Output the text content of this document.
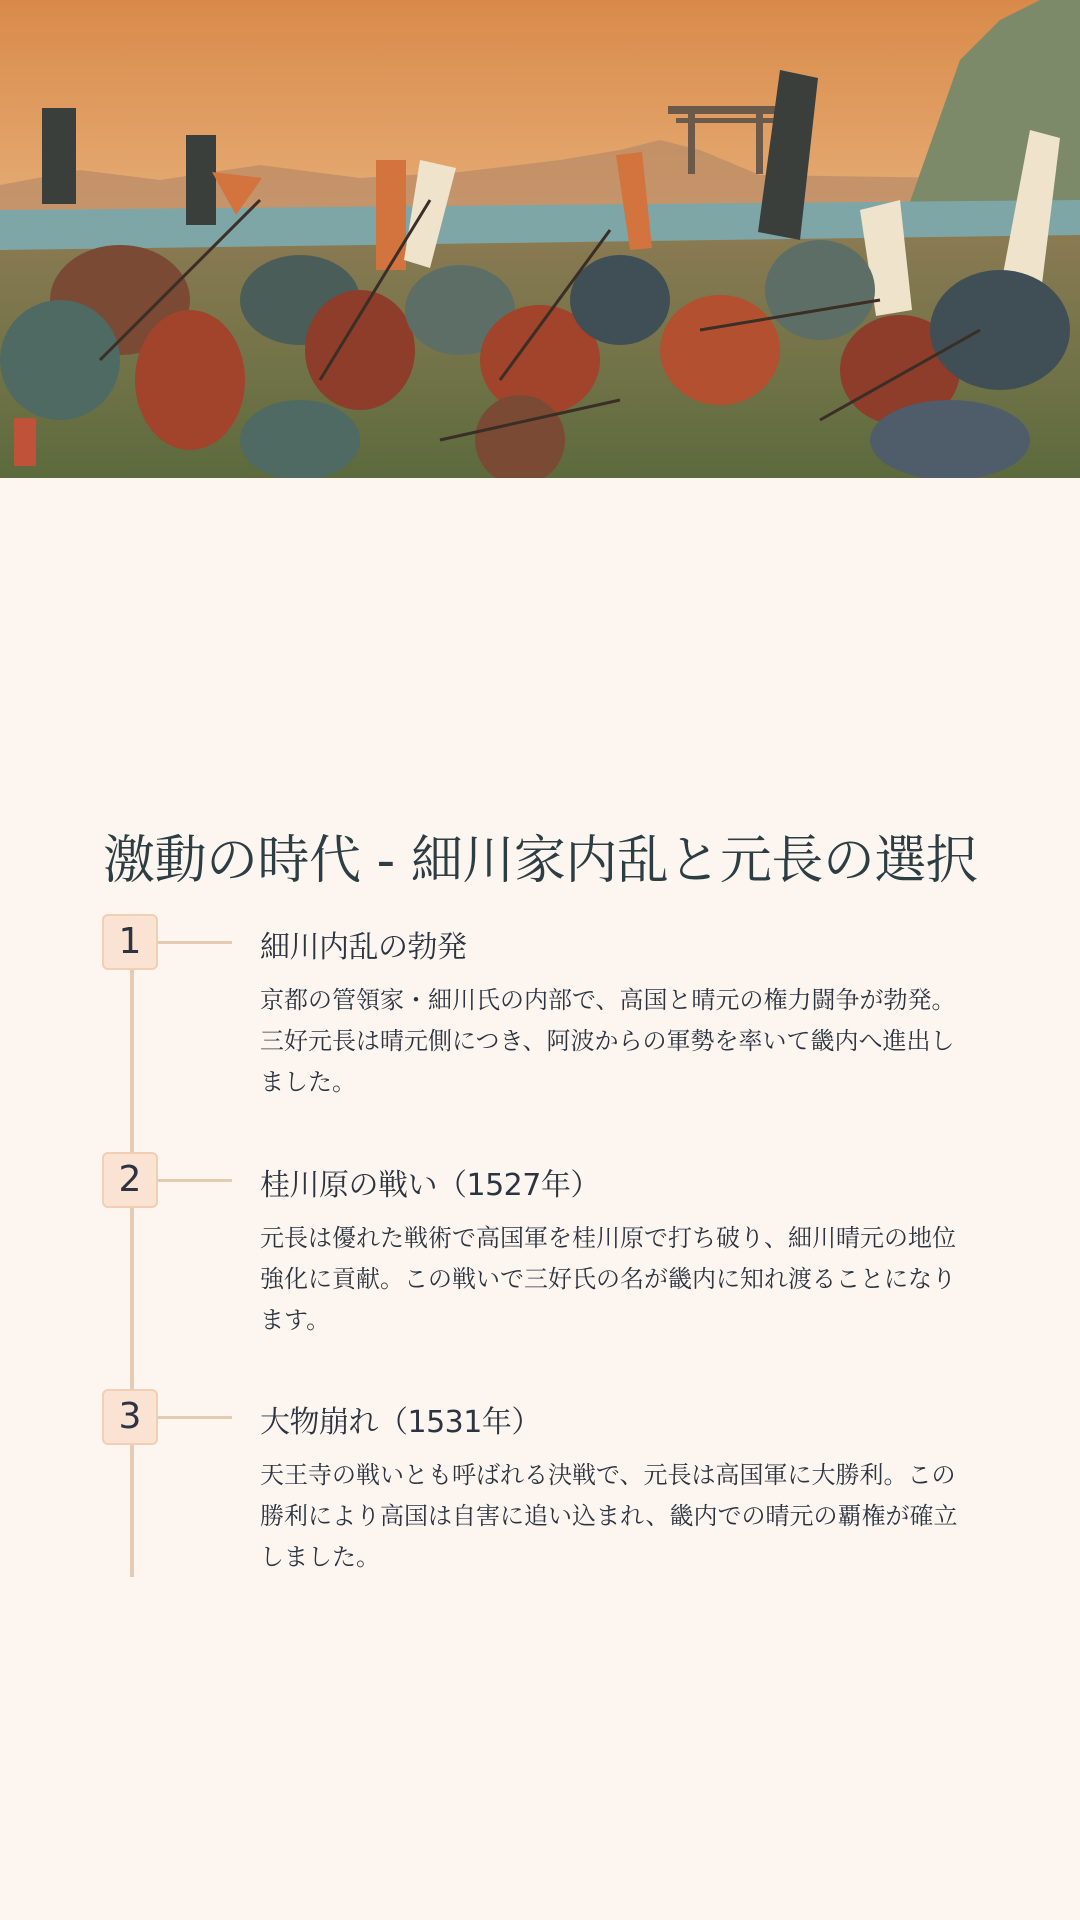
激動の時代 - 細川家内乱と元長の選択
1	細川内乱の勃発

京都の管領家・細川氏の内部で、高国と晴元の権力闘争が勃発。三好元長は晴元側につき、阿波からの軍勢を率いて畿内へ進出しました。

2	桂川原の戦い（1527年）

元長は優れた戦術で高国軍を桂川原で打ち破り、細川晴元の地位強化に貢献。この戦いで三好氏の名が畿内に知れ渡ることになります。

3	大物崩れ（1531年）

天王寺の戦いとも呼ばれる決戦で、元長は高国軍に大勝利。この勝利により高国は自害に追い込まれ、畿内での晴元の覇権が確立しました。
